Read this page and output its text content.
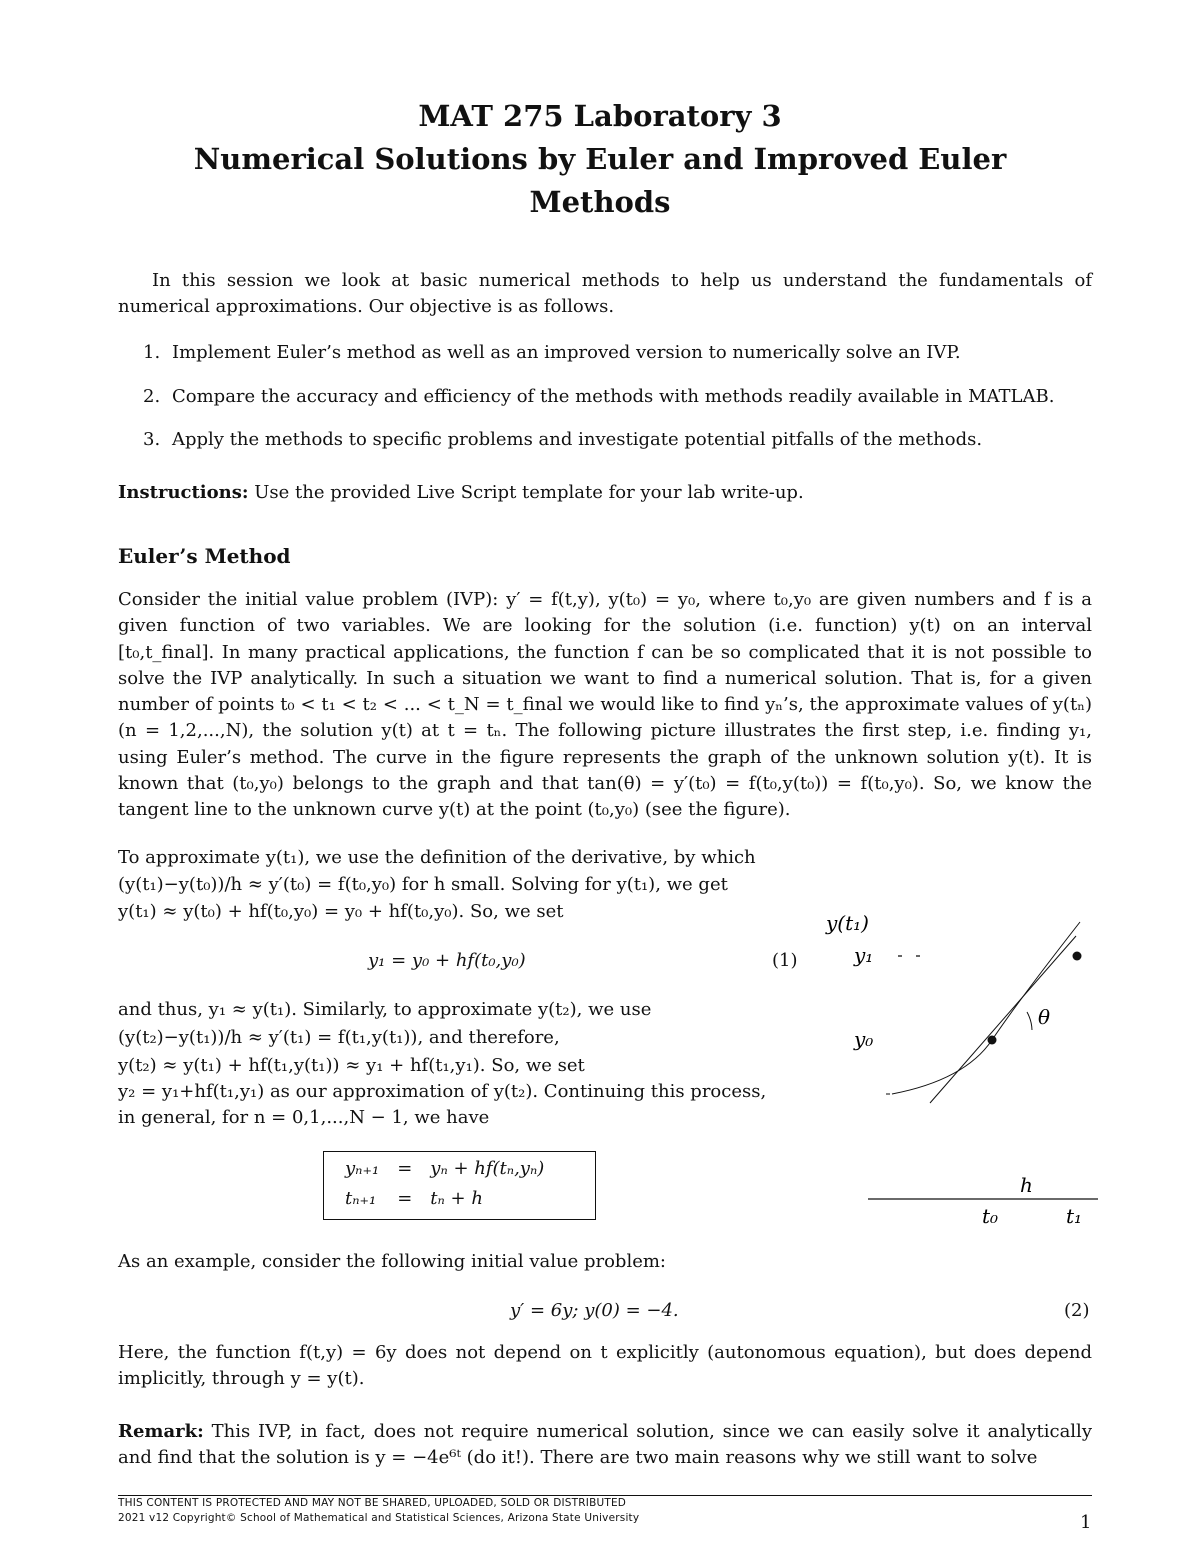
MAT 275 Laboratory 3
Numerical Solutions by Euler and Improved Euler
Methods
In this session we look at basic numerical methods to help us understand the fundamentals of numerical approximations. Our objective is as follows.
1. Implement Euler’s method as well as an improved version to numerically solve an IVP.
2. Compare the accuracy and efficiency of the methods with methods readily available in MATLAB.
3. Apply the methods to specific problems and investigate potential pitfalls of the methods.
Instructions: Use the provided Live Script template for your lab write-up.
Euler’s Method
Consider the initial value problem (IVP): y′ = f(t,y), y(t₀) = y₀, where t₀,y₀ are given numbers and f is a given function of two variables. We are looking for the solution (i.e. function) y(t) on an interval [t₀,t_final]. In many practical applications, the function f can be so complicated that it is not possible to solve the IVP analytically. In such a situation we want to find a numerical solution. That is, for a given number of points t₀ < t₁ < t₂ < ... < t_N = t_final we would like to find yₙ’s, the approximate values of y(tₙ) (n = 1,2,...,N), the solution y(t) at t = tₙ. The following picture illustrates the first step, i.e. finding y₁, using Euler’s method. The curve in the figure represents the graph of the unknown solution y(t). It is known that (t₀,y₀) belongs to the graph and that tan(θ) = y′(t₀) = f(t₀,y(t₀)) = f(t₀,y₀). So, we know the tangent line to the unknown curve y(t) at the point (t₀,y₀) (see the figure).
To approximate y(t₁), we use the definition of the derivative, by which
(y(t₁)−y(t₀))/h ≈ y′(t₀) = f(t₀,y₀) for h small. Solving for y(t₁), we get
y(t₁) ≈ y(t₀) + hf(t₀,y₀) = y₀ + hf(t₀,y₀). So, we set
y₁ = y₀ + hf(t₀,y₀)	(1)
and thus, y₁ ≈ y(t₁). Similarly, to approximate y(t₂), we use
(y(t₂)−y(t₁))/h ≈ y′(t₁) = f(t₁,y(t₁)), and therefore,
y(t₂) ≈ y(t₁) + hf(t₁,y(t₁)) ≈ y₁ + hf(t₁,y₁). So, we set
y₂ = y₁+hf(t₁,y₁) as our approximation of y(t₂). Continuing this process,
in general, for n = 0,1,...,N − 1, we have
yₙ₊₁	=	yₙ + hf(tₙ,yₙ)
tₙ₊₁	=	tₙ + h
y(t₁)
y₁
y₀
θ
h
t₀	t₁
As an example, consider the following initial value problem:
y′ = 6y; y(0) = −4.	(2)
Here, the function f(t,y) = 6y does not depend on t explicitly (autonomous equation), but does depend implicitly, through y = y(t).
Remark: This IVP, in fact, does not require numerical solution, since we can easily solve it analytically and find that the solution is y = −4e⁶ᵗ (do it!). There are two main reasons why we still want to solve
THIS CONTENT IS PROTECTED AND MAY NOT BE SHARED, UPLOADED, SOLD OR DISTRIBUTED
2021 v12 Copyright© School of Mathematical and Statistical Sciences, Arizona State University	1
